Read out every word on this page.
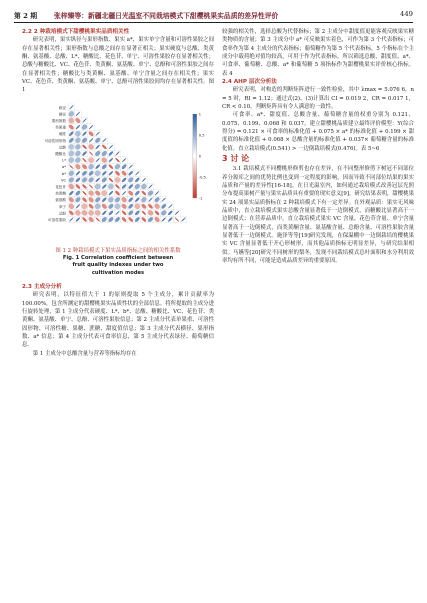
第 2 期 张梓臻等：新疆北疆日光温室不同栽培模式下甜樱桃果实品质的差异性评价	449

2.2 2 种栽培模式下甜樱桃果实品质相关性

研究表明，果实纵径与果形指数、果实 a*、果实单宁含量和可溶性果胶之间存在显著相关性；果形指数与总酸之间存在显著正相关；果实硬度与总酸、类黄酮、氨基酸、总酸、L*、糖酸比、花色苷、单宁、可溶性果胶存在显著相关性；总酸与糖酸比、VC、花色苷、类黄酮、氨基酸、单宁、总酚和可溶性果胶之间存在显著相关性；糖酸比与类黄酮、氨基酸、单宁含量之间存在相关性；果实 VC、花色苷、类黄酮、氨基酸、单宁、总酚可溶性果胶间均存在显著相关性。图 1

纵径
横径
果形指数
单果重
硬度
可溶性固形物
总酸
糖酸比
L*
a*
b*
VC
花色苷
类黄酮
氨基酸
单宁
总酚
可溶性果胶
1
0.5
0
-0.5
-1

图 1 2 种栽培模式下果实品质指标之间的相关性系数

Fig. 1 Correlation coefficient between

fruit quality indexes under two

cultivation modes

2.3 主成分分析

研究表明，以特征值大于 1 的原则提取 5 个主成分，累计贡献率为 100.00%，包含所测定的甜樱桃果实品质性状的全部信息。将所提取的主成分进行旋转处理，第 1 主成分代表硬度、L*、b*、总酸、糖酸比、VC、花色苷、类黄酮、氨基酸、单宁、总酚、可溶性果胶信息；第 2 主成分代表单果重、可溶性固形物、可溶性糖、果糖、蔗糖、甜度值信息；第 3 主成分代表横径、果形指数、a* 信息；第 4 主成分代表可食率信息，第 5 主成分代表绿径、葡萄糖信息。

第 1 主成分中总酸含量与营养等指标均存在

较强的相关性，选择总酸为代替指标；第 2 主成分中甜度值更能客观反映果实糖类物质的含量；第 3 主成分中 a* 可反映果实着色，可作为第 3 个代表指标；可食率作为第 4 主成分的代表指标；葡萄糖作为第 5 个代表指标，5 个指标在个主成分中载荷绝对值均较高，可用于作为代表指标。所以筛选总酸、甜度值、a*、可食率、葡萄糖、总酸、a* 和葡萄糖 5 项指标作为甜樱桃果实评价核心指标。表 4

2.4 AHP 层次分析法

研究表明，对构造的判断矩阵进行一致性检验，其中 λmax = 5.076 6，n = 5 时，RI = 1.12；通过式(2)、(3)计算出 CI = 0.019 2，CR = 0.017 1，CR < 0.10，判断矩阵具有令人满意的一致性。

可食率、a*、甜度值、总酸含量、葡萄糖含量的权重分别为 0.121、0.075、0.199、0.068 和 0.037，建立甜樱桃品质建立最终评价模型：Y(综合得分) = 0.121 × 可食率的标准化值 + 0.075 × a* 的标准化值 + 0.199 × 甜度值的标准化值 + 0.068 × 总酸含量的标准化值 + 0.037× 葡萄糖含量的标准化值。直立栽培模式(0.541) > 一边倒栽培模式(0.476)。表 5~6

3 讨 论

3.1 栽培模式不同樱桃形修剪也存在差异，在不同整形修剪下树冠不同部位养分源库之间的优势比例也变到一定程度的影响，因而导致不同部位结果的果实品质和产量的差异性[16-18]。在日光温室内，如何通过栽培模式改善冠层光照分布提高果树产量与果实品质具有重要的现实意义[9]。研究结果表明，甜樱桃果实 24 项果实品质指标在 2 种栽培模式下有一定差异。在外观品质：果实无风味品质中，直立栽培模式果实总酸含量显著低于一边倒模式，而糖酸比显著高于一边倒模式；在营养品质中，直立栽培模式果实 VC 含量、花色苷含量、单宁含量显著高于一边倒模式，而类黄酮含量、氨基酸含量、总酚含量、可溶性果胶含量显著低于一边倒模式。施泽等等[19]研究发现，在保温棚中一边倒栽培的樱桃果实 VC 含量显著低于开心形树形，而其他品质指标无明显差异，与研究结果相似。马嬿等[20]研究不同树形的梨冬，发现不同栽培模式总叶面积和水分利用效率均有所不同，可能是造成品质差异的重要原因。
